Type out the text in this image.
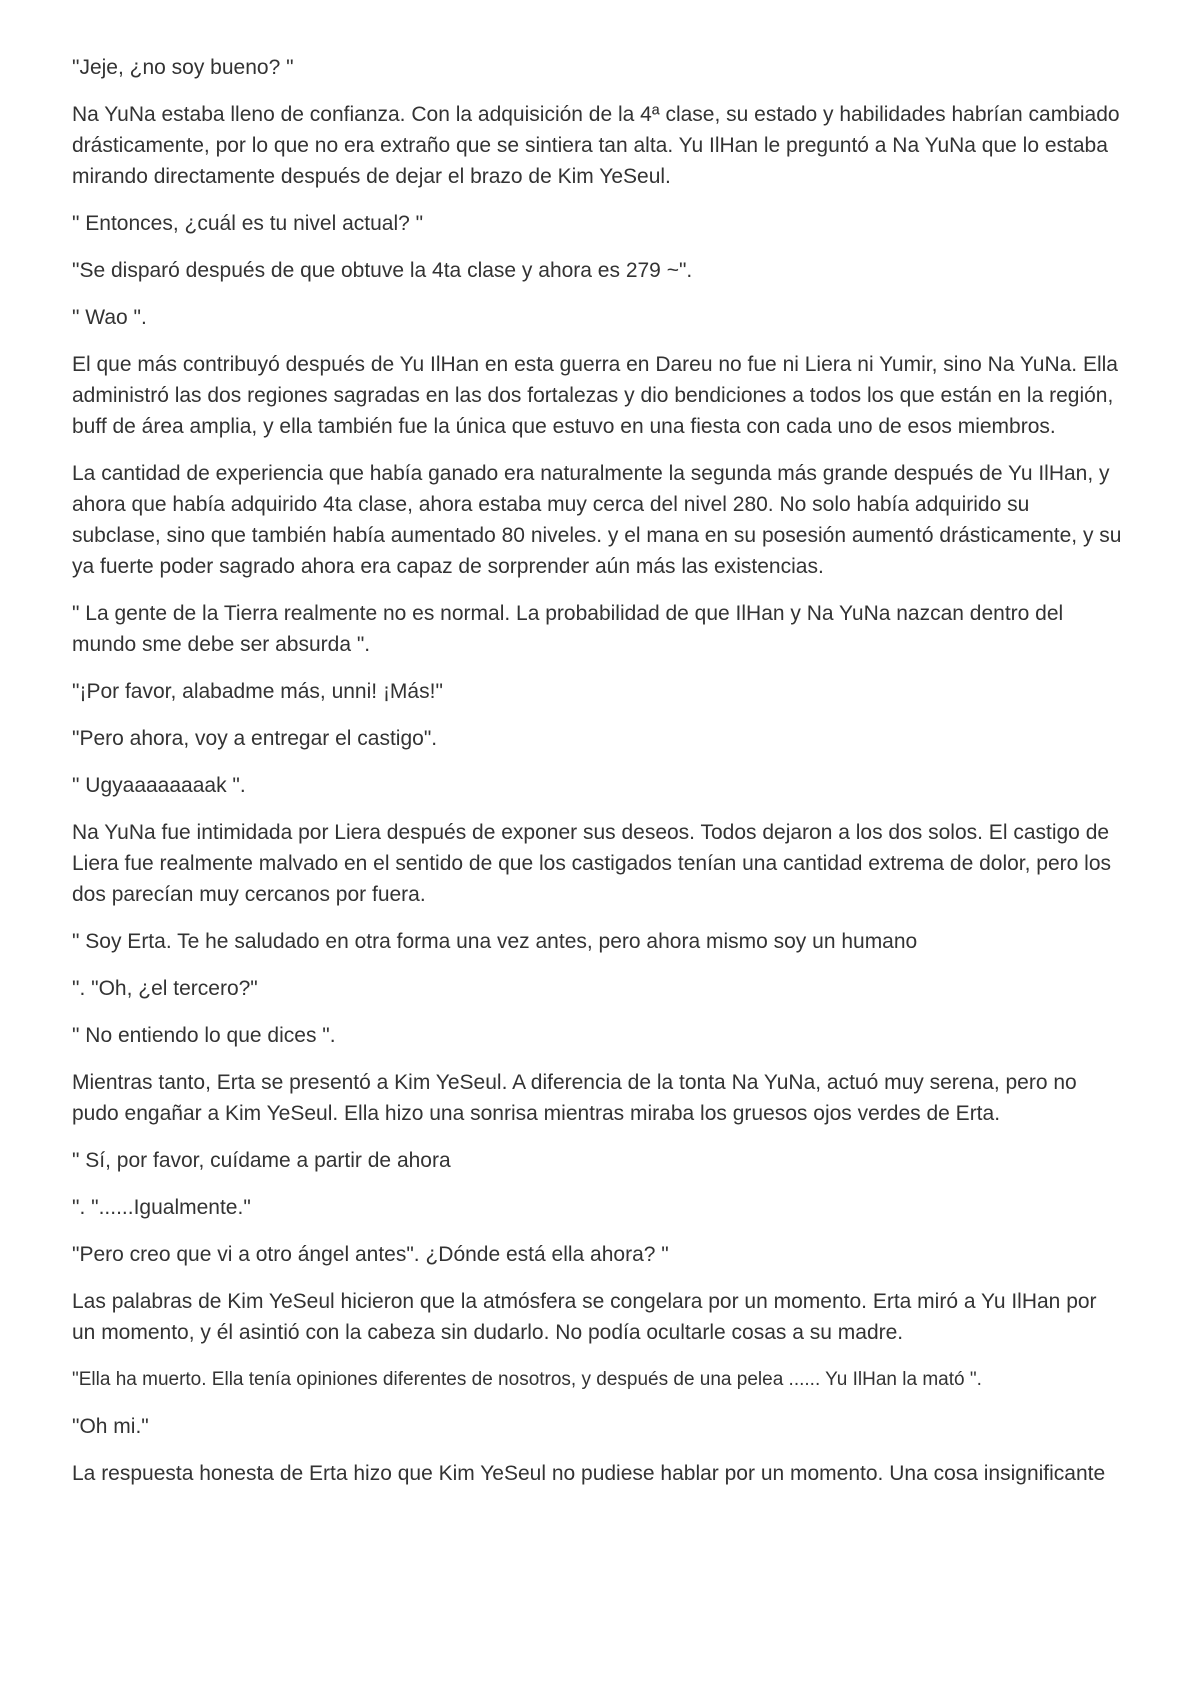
"Jeje, ¿no soy bueno? "

Na YuNa estaba lleno de confianza. Con la adquisición de la 4ª clase, su estado y habilidades habrían cambiado drásticamente, por lo que no era extraño que se sintiera tan alta. Yu IlHan le preguntó a Na YuNa que lo estaba mirando directamente después de dejar el brazo de Kim YeSeul.

" Entonces, ¿cuál es tu nivel actual? "

"Se disparó después de que obtuve la 4ta clase y ahora es 279 ~".

" Wao ".

El que más contribuyó después de Yu IlHan en esta guerra en Dareu no fue ni Liera ni Yumir, sino Na YuNa. Ella administró las dos regiones sagradas en las dos fortalezas y dio bendiciones a todos los que están en la región, buff de área amplia, y ella también fue la única que estuvo en una fiesta con cada uno de esos miembros.

La cantidad de experiencia que había ganado era naturalmente la segunda más grande después de Yu IlHan, y ahora que había adquirido 4ta clase, ahora estaba muy cerca del nivel 280. No solo había adquirido su subclase, sino que también había aumentado 80 niveles. y el mana en su posesión aumentó drásticamente, y su ya fuerte poder sagrado ahora era capaz de sorprender aún más las existencias.

" La gente de la Tierra realmente no es normal. La probabilidad de que IlHan y Na YuNa nazcan dentro del mundo sme debe ser absurda ".

"¡Por favor, alabadme más, unni! ¡Más!"

"Pero ahora, voy a entregar el castigo".

" Ugyaaaaaaaak ".

Na YuNa fue intimidada por Liera después de exponer sus deseos. Todos dejaron a los dos solos. El castigo de Liera fue realmente malvado en el sentido de que los castigados tenían una cantidad extrema de dolor, pero los dos parecían muy cercanos por fuera.

" Soy Erta. Te he saludado en otra forma una vez antes, pero ahora mismo soy un humano

". "Oh, ¿el tercero?"

" No entiendo lo que dices ".

Mientras tanto, Erta se presentó a Kim YeSeul. A diferencia de la tonta Na YuNa, actuó muy serena, pero no pudo engañar a Kim YeSeul. Ella hizo una sonrisa mientras miraba los gruesos ojos verdes de Erta.

" Sí, por favor, cuídame a partir de ahora

". "......Igualmente."

"Pero creo que vi a otro ángel antes". ¿Dónde está ella ahora? "

Las palabras de Kim YeSeul hicieron que la atmósfera se congelara por un momento. Erta miró a Yu IlHan por un momento, y él asintió con la cabeza sin dudarlo. No podía ocultarle cosas a su madre.

"Ella ha muerto. Ella tenía opiniones diferentes de nosotros, y después de una pelea ...... Yu IlHan la mató ".

"Oh mi."

La respuesta honesta de Erta hizo que Kim YeSeul no pudiese hablar por un momento. Una cosa insignificante
